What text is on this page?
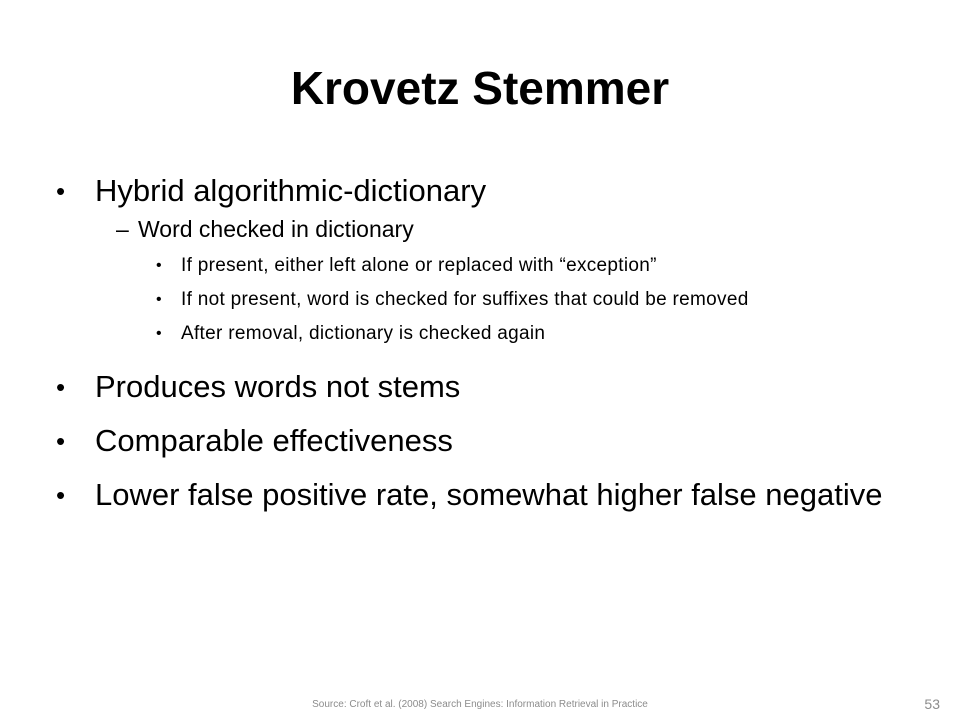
Krovetz Stemmer
• Hybrid algorithmic-dictionary
– Word checked in dictionary
• If present, either left alone or replaced with “exception”
• If not present, word is checked for suffixes that could be removed
• After removal, dictionary is checked again
• Produces words not stems
• Comparable effectiveness
• Lower false positive rate, somewhat higher false negative
Source: Croft et al. (2008) Search Engines: Information Retrieval in Practice	53
